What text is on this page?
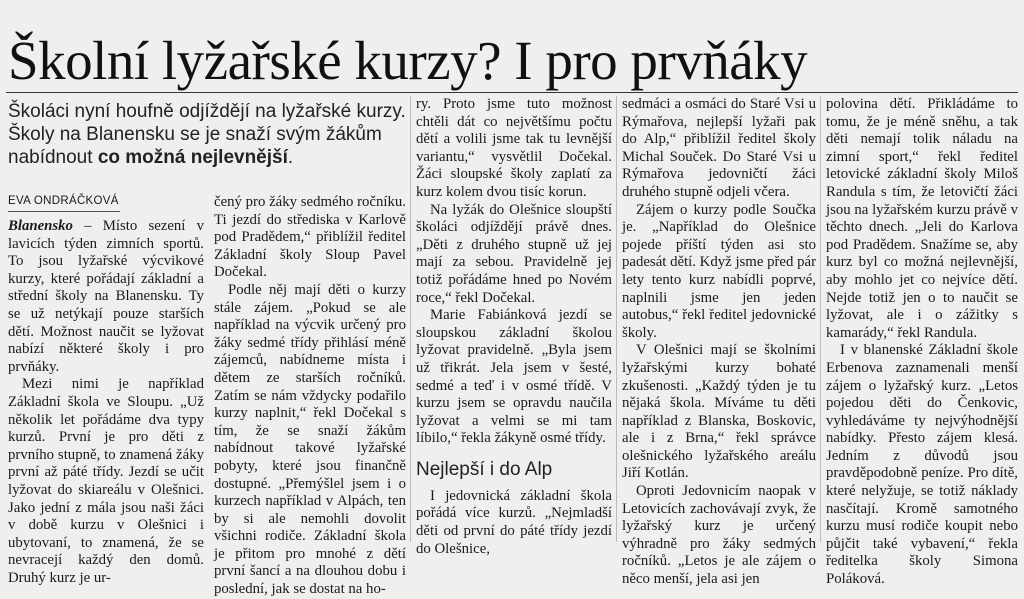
Školní lyžařské kurzy? I pro prvňáky

Školáci nyní houfně odjíždějí na lyžařské kurzy. Školy na Blanensku se je snaží svým žákům nabídnout co možná nejlevnější.

EVA ONDRÁČKOVÁ

Blanensko – Místo sezení v lavicích týden zimních sportů. To jsou lyžařské výcvikové kurzy, které pořádají základní a střední školy na Blanensku. Ty se už netýkají pouze starších dětí. Možnost naučit se lyžovat nabízí některé školy i pro prvňáky.

Mezi nimi je například Základní škola ve Sloupu. „Už několik let pořádáme dva typy kurzů. První je pro děti z prvního stupně, to znamená žáky první až páté třídy. Jezdí se učit lyžovat do skiareálu v Olešnici. Jako jední z mála jsou naši žáci v době kurzu v Olešnici i ubytovaní, to znamená, že se nevracejí každý den domů. Druhý kurz je ur-

čený pro žáky sedmého ročníku. Ti jezdí do střediska v Karlově pod Pradědem,“ přiblížil ředitel Základní školy Sloup Pavel Dočekal.

Podle něj mají děti o kurzy stále zájem. „Pokud se ale například na výcvik určený pro žáky sedmé třídy přihlásí méně zájemců, nabídneme místa i dětem ze starších ročníků. Zatím se nám vždycky podařilo kurzy naplnit,“ řekl Dočekal s tím, že se snaží žákům nabídnout takové lyžařské pobyty, které jsou finančně dostupné. „Přemýšlel jsem i o kurzech například v Alpách, ten by si ale nemohli dovolit všichni rodiče. Základní škola je přitom pro mnohé z dětí první šancí a na dlouhou dobu i poslední, jak se dostat na ho-

ry. Proto jsme tuto možnost chtěli dát co největšímu počtu dětí a volili jsme tak tu levnější variantu,“ vysvětlil Dočekal. Žáci sloupské školy zaplatí za kurz kolem dvou tisíc korun.

Na lyžák do Olešnice sloupští školáci odjíždějí právě dnes. „Děti z druhého stupně už jej mají za sebou. Pravidelně jej totiž pořádáme hned po Novém roce,“ řekl Dočekal.

Marie Fabiánková jezdí se sloupskou základní školou lyžovat pravidelně. „Byla jsem už třikrát. Jela jsem v šesté, sedmé a teď i v osmé třídě. V kurzu jsem se opravdu naučila lyžovat a velmi se mi tam líbilo,“ řekla žákyně osmé třídy.

Nejlepší i do Alp

I jedovnická základní škola pořádá více kurzů. „Nejmladší děti od první do páté třídy jezdí do Olešnice,

sedmáci a osmáci do Staré Vsi u Rýmařova, nejlepší lyžaři pak do Alp,“ přiblížil ředitel školy Michal Souček. Do Staré Vsi u Rýmařova jedovničtí žáci druhého stupně odjeli včera.

Zájem o kurzy podle Součka je. „Například do Olešnice pojede příští týden asi sto padesát dětí. Když jsme před pár lety tento kurz nabídli poprvé, naplnili jsme jen jeden autobus,“ řekl ředitel jedovnické školy.

V Olešnici mají se školními lyžařskými kurzy bohaté zkušenosti. „Každý týden je tu nějaká škola. Míváme tu děti například z Blanska, Boskovic, ale i z Brna,“ řekl správce olešnického lyžařského areálu Jiří Kotlán.

Oproti Jedovnicím naopak v Letovicích zachovávají zvyk, že lyžařský kurz je určený výhradně pro žáky sedmých ročníků. „Letos je ale zájem o něco menší, jela asi jen

polovina dětí. Přikládáme to tomu, že je méně sněhu, a tak děti nemají tolik náladu na zimní sport,“ řekl ředitel letovické základní školy Miloš Randula s tím, že letovičtí žáci jsou na lyžařském kurzu právě v těchto dnech. „Jeli do Karlova pod Pradědem. Snažíme se, aby kurz byl co možná nejlevnější, aby mohlo jet co nejvíce dětí. Nejde totiž jen o to naučit se lyžovat, ale i o zážitky s kamarády,“ řekl Randula.

I v blanenské Základní škole Erbenova zaznamenali menší zájem o lyžařský kurz. „Letos pojedou děti do Čenkovic, vyhledáváme ty nejvýhodnější nabídky. Přesto zájem klesá. Jedním z důvodů jsou pravděpodobně peníze. Pro dítě, které nelyžuje, se totiž náklady nasčítají. Kromě samotného kurzu musí rodiče koupit nebo půjčit také vybavení,“ řekla ředitelka školy Simona Poláková.
